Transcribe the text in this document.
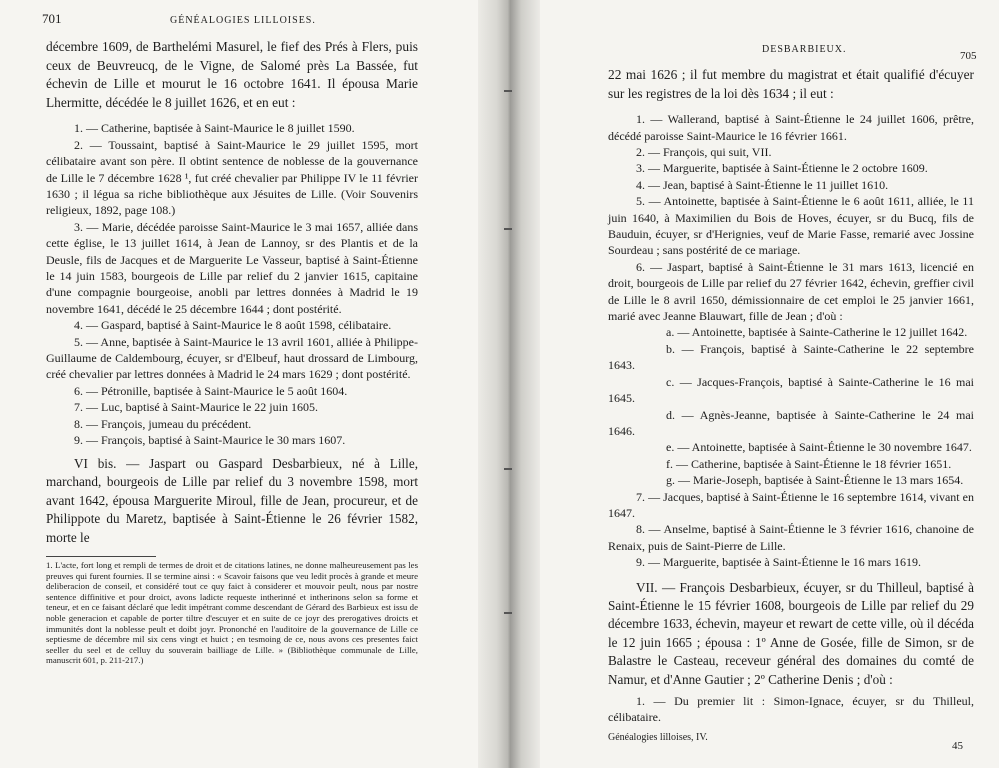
701	GÉNÉALOGIES LILLOISES.

décembre 1609, de Barthelémi Masurel, le fief des Prés à Flers, puis ceux de Beuvreucq, de le Vigne, de Salomé près La Bassée, fut échevin de Lille et mourut le 16 octobre 1641. Il épousa Marie Lhermitte, décédée le 8 juillet 1626, et en eut :

1. — Catherine, baptisée à Saint-Maurice le 8 juillet 1590.

2. — Toussaint, baptisé à Saint-Maurice le 29 juillet 1595, mort célibataire avant son père. Il obtint sentence de noblesse de la gouvernance de Lille le 7 décembre 1628 ¹, fut créé chevalier par Philippe IV le 11 février 1630 ; il légua sa riche bibliothèque aux Jésuites de Lille. (Voir Souvenirs religieux, 1892, page 108.)

3. — Marie, décédée paroisse Saint-Maurice le 3 mai 1657, alliée dans cette église, le 13 juillet 1614, à Jean de Lannoy, sr des Plantis et de la Deusle, fils de Jacques et de Marguerite Le Vasseur, baptisé à Saint-Étienne le 14 juin 1583, bourgeois de Lille par relief du 2 janvier 1615, capitaine d'une compagnie bourgeoise, anobli par lettres données à Madrid le 19 novembre 1641, décédé le 25 décembre 1644 ; dont postérité.

4. — Gaspard, baptisé à Saint-Maurice le 8 août 1598, célibataire.

5. — Anne, baptisée à Saint-Maurice le 13 avril 1601, alliée à Philippe-Guillaume de Caldembourg, écuyer, sr d'Elbeuf, haut drossard de Limbourg, créé chevalier par lettres données à Madrid le 24 mars 1629 ; dont postérité.

6. — Pétronille, baptisée à Saint-Maurice le 5 août 1604.

7. — Luc, baptisé à Saint-Maurice le 22 juin 1605.

8. — François, jumeau du précédent.

9. — François, baptisé à Saint-Maurice le 30 mars 1607.

VI bis. — Jaspart ou Gaspard Desbarbieux, né à Lille, marchand, bourgeois de Lille par relief du 3 novembre 1598, mort avant 1642, épousa Marguerite Miroul, fille de Jean, procureur, et de Philippote du Maretz, baptisée à Saint-Étienne le 26 février 1582, morte le

1. L'acte, fort long et rempli de termes de droit et de citations latines, ne donne malheureusement pas les preuves qui furent fournies. Il se termine ainsi : « Scavoir faisons que veu ledit procès à grande et meure deliberacion de conseil, et considéré tout ce quy faict à considerer et mouvoir peult, nous par nostre sentence diffinitive et pour droict, avons ladicte requeste intherinné et intherinons selon sa forme et teneur, et en ce faisant déclaré que ledit impétrant comme descendant de Gérard des Barbieux est issu de noble generacion et capable de porter tiltre d'escuyer et en suite de ce joyr des prerogatives droicts et immunités dont la noblesse peult et doibt joyr. Prononché en l'auditoire de la gouvernance de Lille ce septiesme de décembre mil six cens vingt et huict ; en tesmoing de ce, nous avons ces presentes faict seeller du seel et de celluy du souverain bailliage de Lille. » (Bibliothèque communale de Lille, manuscrit 601, p. 211-217.)
DESBARBIEUX.
705

22 mai 1626 ; il fut membre du magistrat et était qualifié d'écuyer sur les registres de la loi dès 1634 ; il eut :

1. — Wallerand, baptisé à Saint-Étienne le 24 juillet 1606, prêtre, décédé paroisse Saint-Maurice le 16 février 1661.

2. — François, qui suit, VII.

3. — Marguerite, baptisée à Saint-Étienne le 2 octobre 1609.

4. — Jean, baptisé à Saint-Étienne le 11 juillet 1610.

5. — Antoinette, baptisée à Saint-Étienne le 6 août 1611, alliée, le 11 juin 1640, à Maximilien du Bois de Hoves, écuyer, sr du Bucq, fils de Bauduin, écuyer, sr d'Herignies, veuf de Marie Fasse, remarié avec Jossine Sourdeau ; sans postérité de ce mariage.

6. — Jaspart, baptisé à Saint-Étienne le 31 mars 1613, licencié en droit, bourgeois de Lille par relief du 27 février 1642, échevin, greffier civil de Lille le 8 avril 1650, démissionnaire de cet emploi le 25 janvier 1661, marié avec Jeanne Blauwart, fille de Jean ; d'où :

a. — Antoinette, baptisée à Sainte-Catherine le 12 juillet 1642.

b. — François, baptisé à Sainte-Catherine le 22 septembre 1643.

c. — Jacques-François, baptisé à Sainte-Catherine le 16 mai 1645.

d. — Agnès-Jeanne, baptisée à Sainte-Catherine le 24 mai 1646.

e. — Antoinette, baptisée à Saint-Étienne le 30 novembre 1647.

f. — Catherine, baptisée à Saint-Étienne le 18 février 1651.

g. — Marie-Joseph, baptisée à Saint-Étienne le 13 mars 1654.

7. — Jacques, baptisé à Saint-Étienne le 16 septembre 1614, vivant en 1647.

8. — Anselme, baptisé à Saint-Étienne le 3 février 1616, chanoine de Renaix, puis de Saint-Pierre de Lille.

9. — Marguerite, baptisée à Saint-Étienne le 16 mars 1619.

VII. — François Desbarbieux, écuyer, sr du Thilleul, baptisé à Saint-Étienne le 15 février 1608, bourgeois de Lille par relief du 29 décembre 1633, échevin, mayeur et rewart de cette ville, où il décéda le 12 juin 1665 ; épousa : 1º Anne de Gosée, fille de Simon, sr de Balastre le Casteau, receveur général des domaines du comté de Namur, et d'Anne Gautier ; 2º Catherine Denis ; d'où :

1. — Du premier lit : Simon-Ignace, écuyer, sr du Thilleul, célibataire.

Généalogies lilloises, IV.
45
